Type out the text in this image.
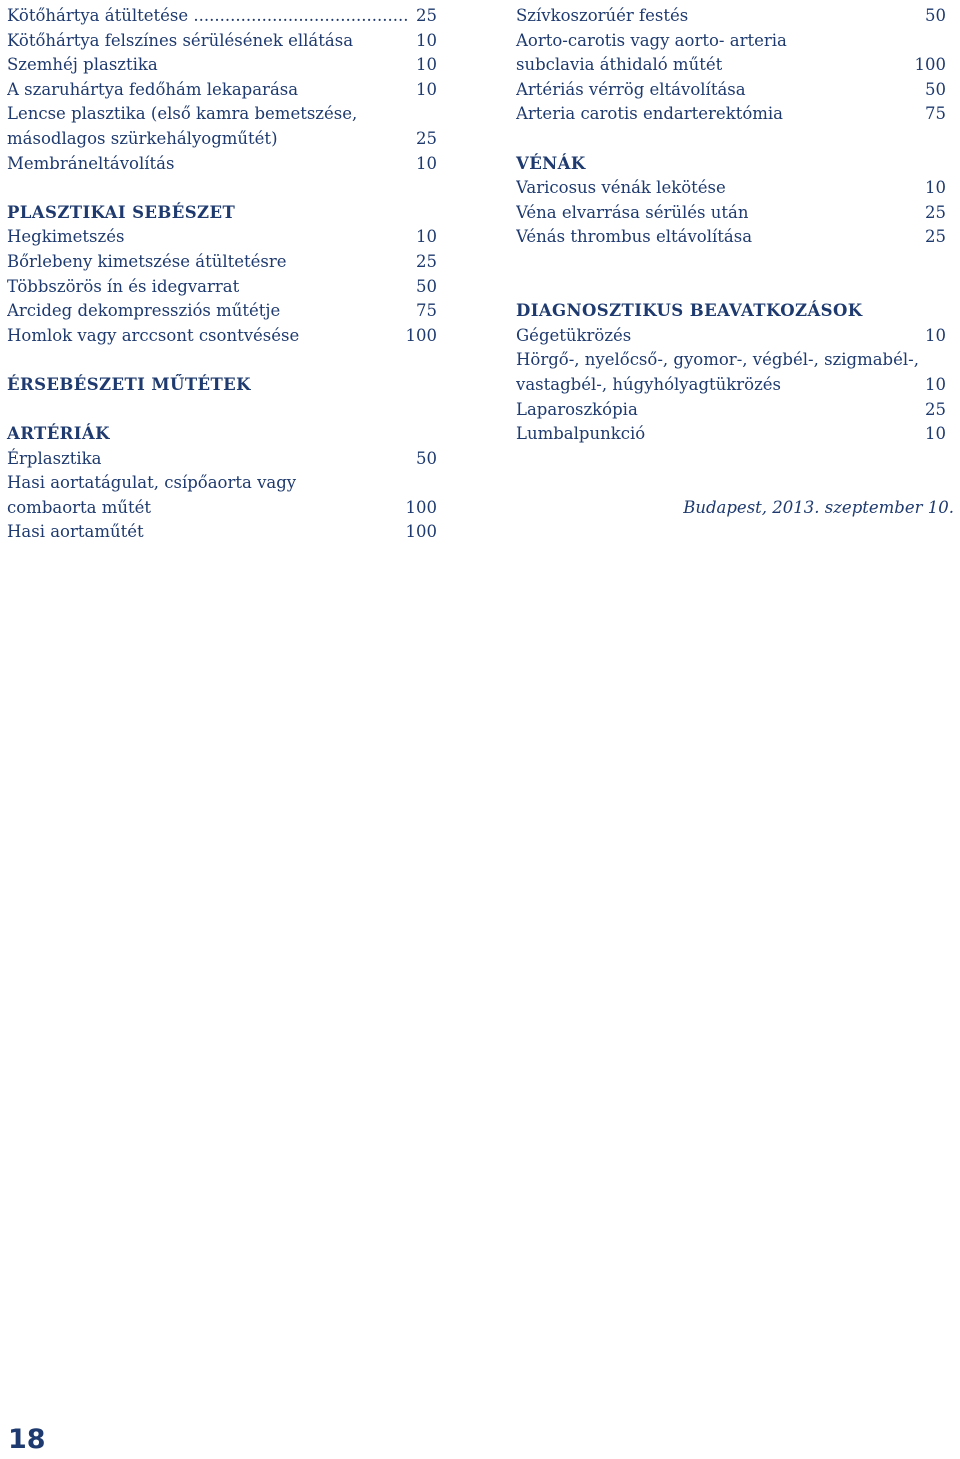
Kötőhártya átültetése .....	25
Kötőhártya felszínes sérülésének ellátása	10
Szemhéj plasztika	10
A szaruhártya fedőhám lekaparása	10
Lencse plasztika (első kamra bemetszése,
másodlagos szürkehályogműtét)	25
Membráneltávolítás	10
PLASZTIKAI SEBÉSZET
Hegkimetszés	10
Bőrlebeny kimetszése átültetésre	25
Többszörös ín és idegvarrat	50
Arcideg dekompressziós műtétje	75
Homlok vagy arccsont csontvésése	100
ÉRSEBÉSZETI MŰTÉTEK
ARTÉRIÁK
Érplasztika	50
Hasi aortatágulat, csípőaorta vagy
combaorta műtét	100
Hasi aortaműtét	100
Szívkoszorúér festés	50
Aorto-carotis vagy aorto- arteria
subclavia áthidaló műtét	100
Artériás vérrög eltávolítása	50
Arteria carotis endarterektómia	75
VÉNÁK
Varicosus vénák lekötése	10
Véna elvarrása sérülés után	25
Vénás thrombus eltávolítása	25
DIAGNOSZTIKUS BEAVATKOZÁSOK
Gégetükrözés	10
Hörgő-, nyelőcső-, gyomor-, végbél-, szigmabél-,
vastagbél-, húgyhólyagtükrözés	10
Laparoszkópia	25
Lumbalpunkció	10
Budapest, 2013. szeptember 10.
18
